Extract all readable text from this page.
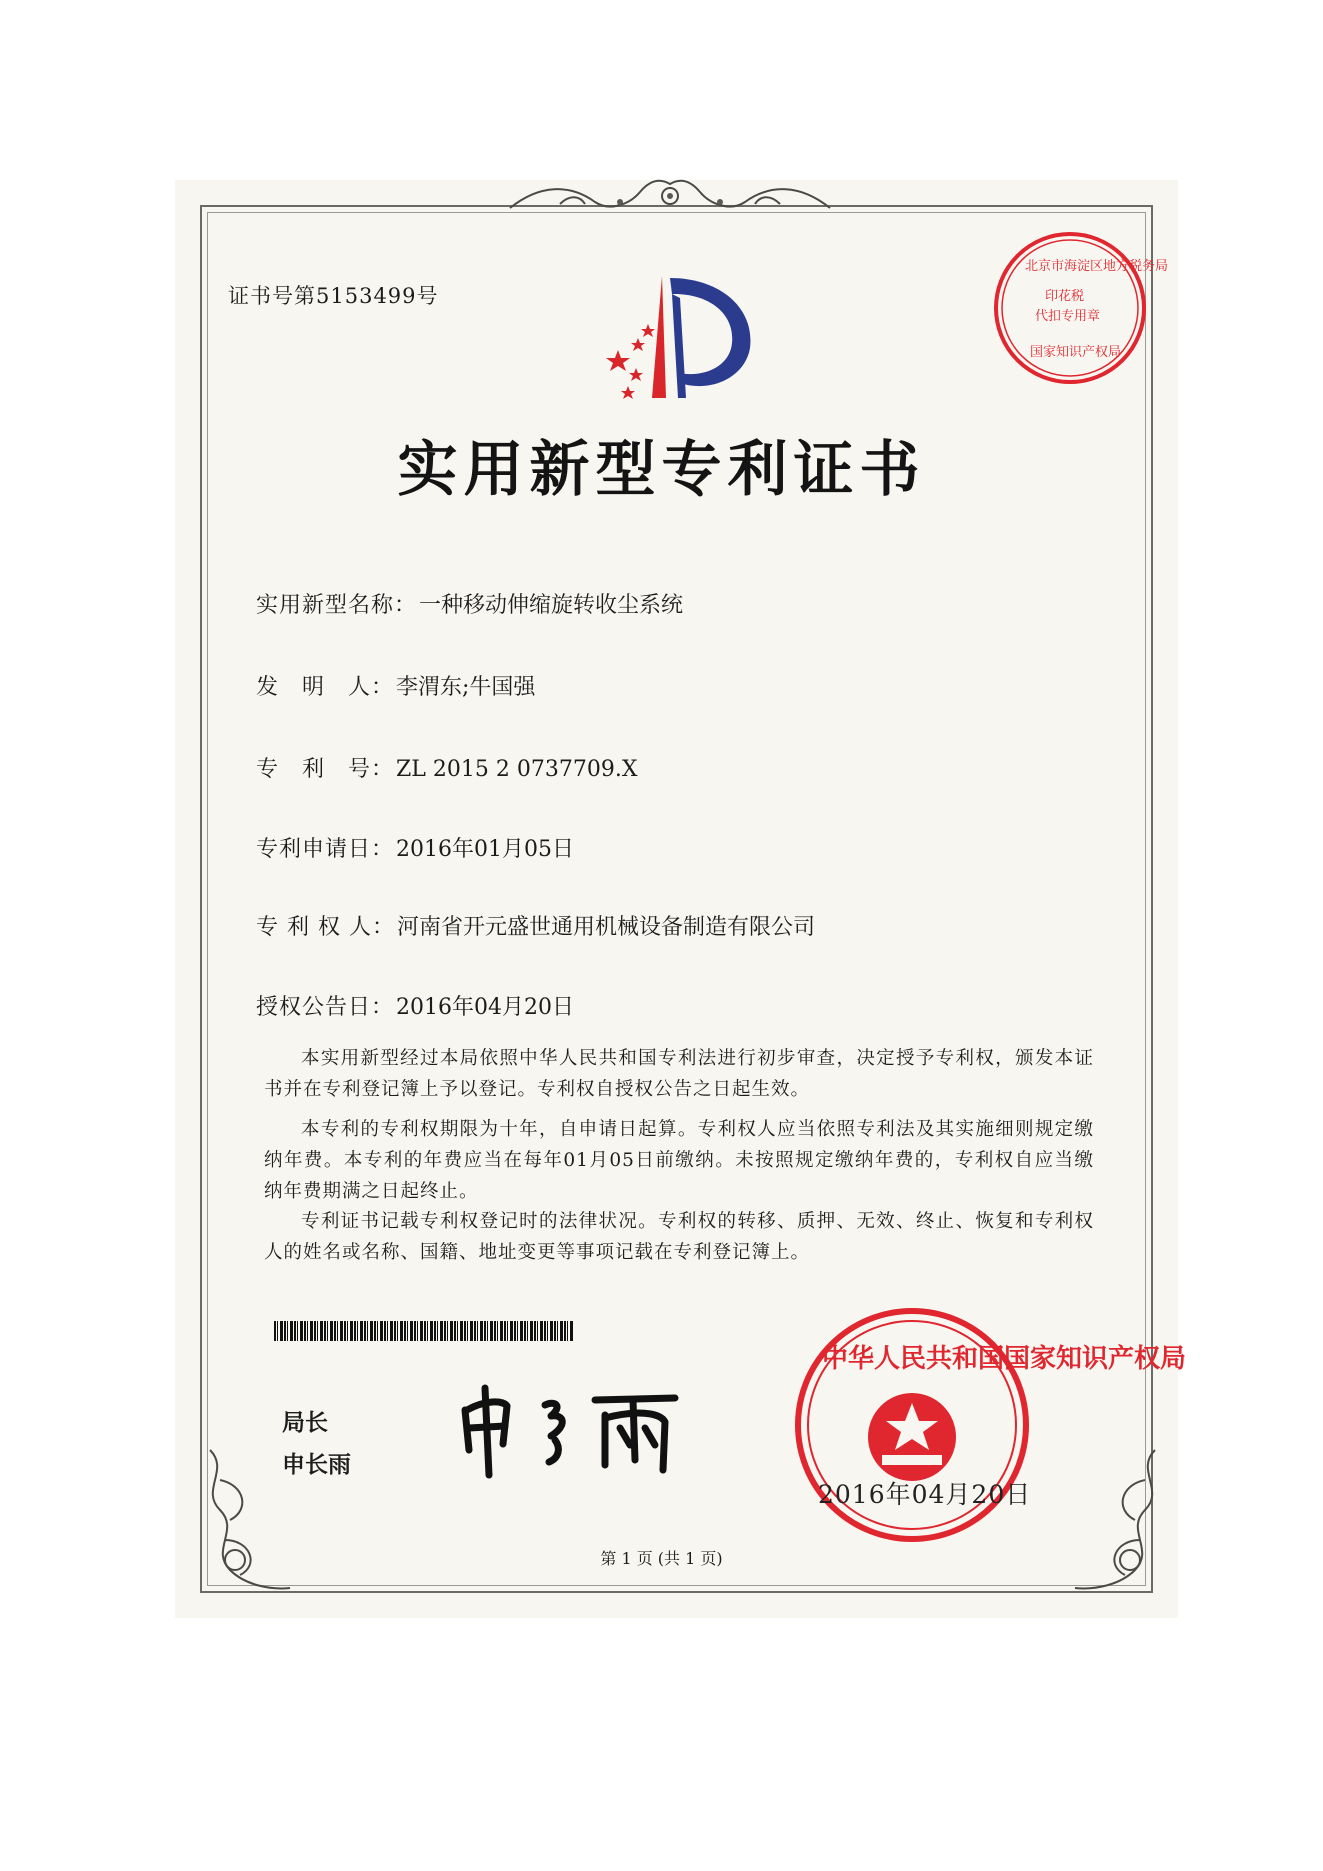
证书号第5153499号
北京市海淀区地方税务局
印花税
代扣专用章
国家知识产权局
实用新型专利证书
实用新型名称：一种移动伸缩旋转收尘系统
发　明　人：李渭东;牛国强
专　利　号：ZL 2015 2 0737709.X
专利申请日：2016年01月05日
专 利 权 人：河南省开元盛世通用机械设备制造有限公司
授权公告日：2016年04月20日

本实用新型经过本局依照中华人民共和国专利法进行初步审查，决定授予专利权，颁发本证书并在专利登记簿上予以登记。专利权自授权公告之日起生效。

本专利的专利权期限为十年，自申请日起算。专利权人应当依照专利法及其实施细则规定缴纳年费。本专利的年费应当在每年01月05日前缴纳。未按照规定缴纳年费的，专利权自应当缴纳年费期满之日起终止。

专利证书记载专利权登记时的法律状况。专利权的转移、质押、无效、终止、恢复和专利权人的姓名或名称、国籍、地址变更等事项记载在专利登记簿上。

局长
申长雨
中华人民共和国国家知识产权局
2016年04月20日
第 1 页 (共 1 页)
